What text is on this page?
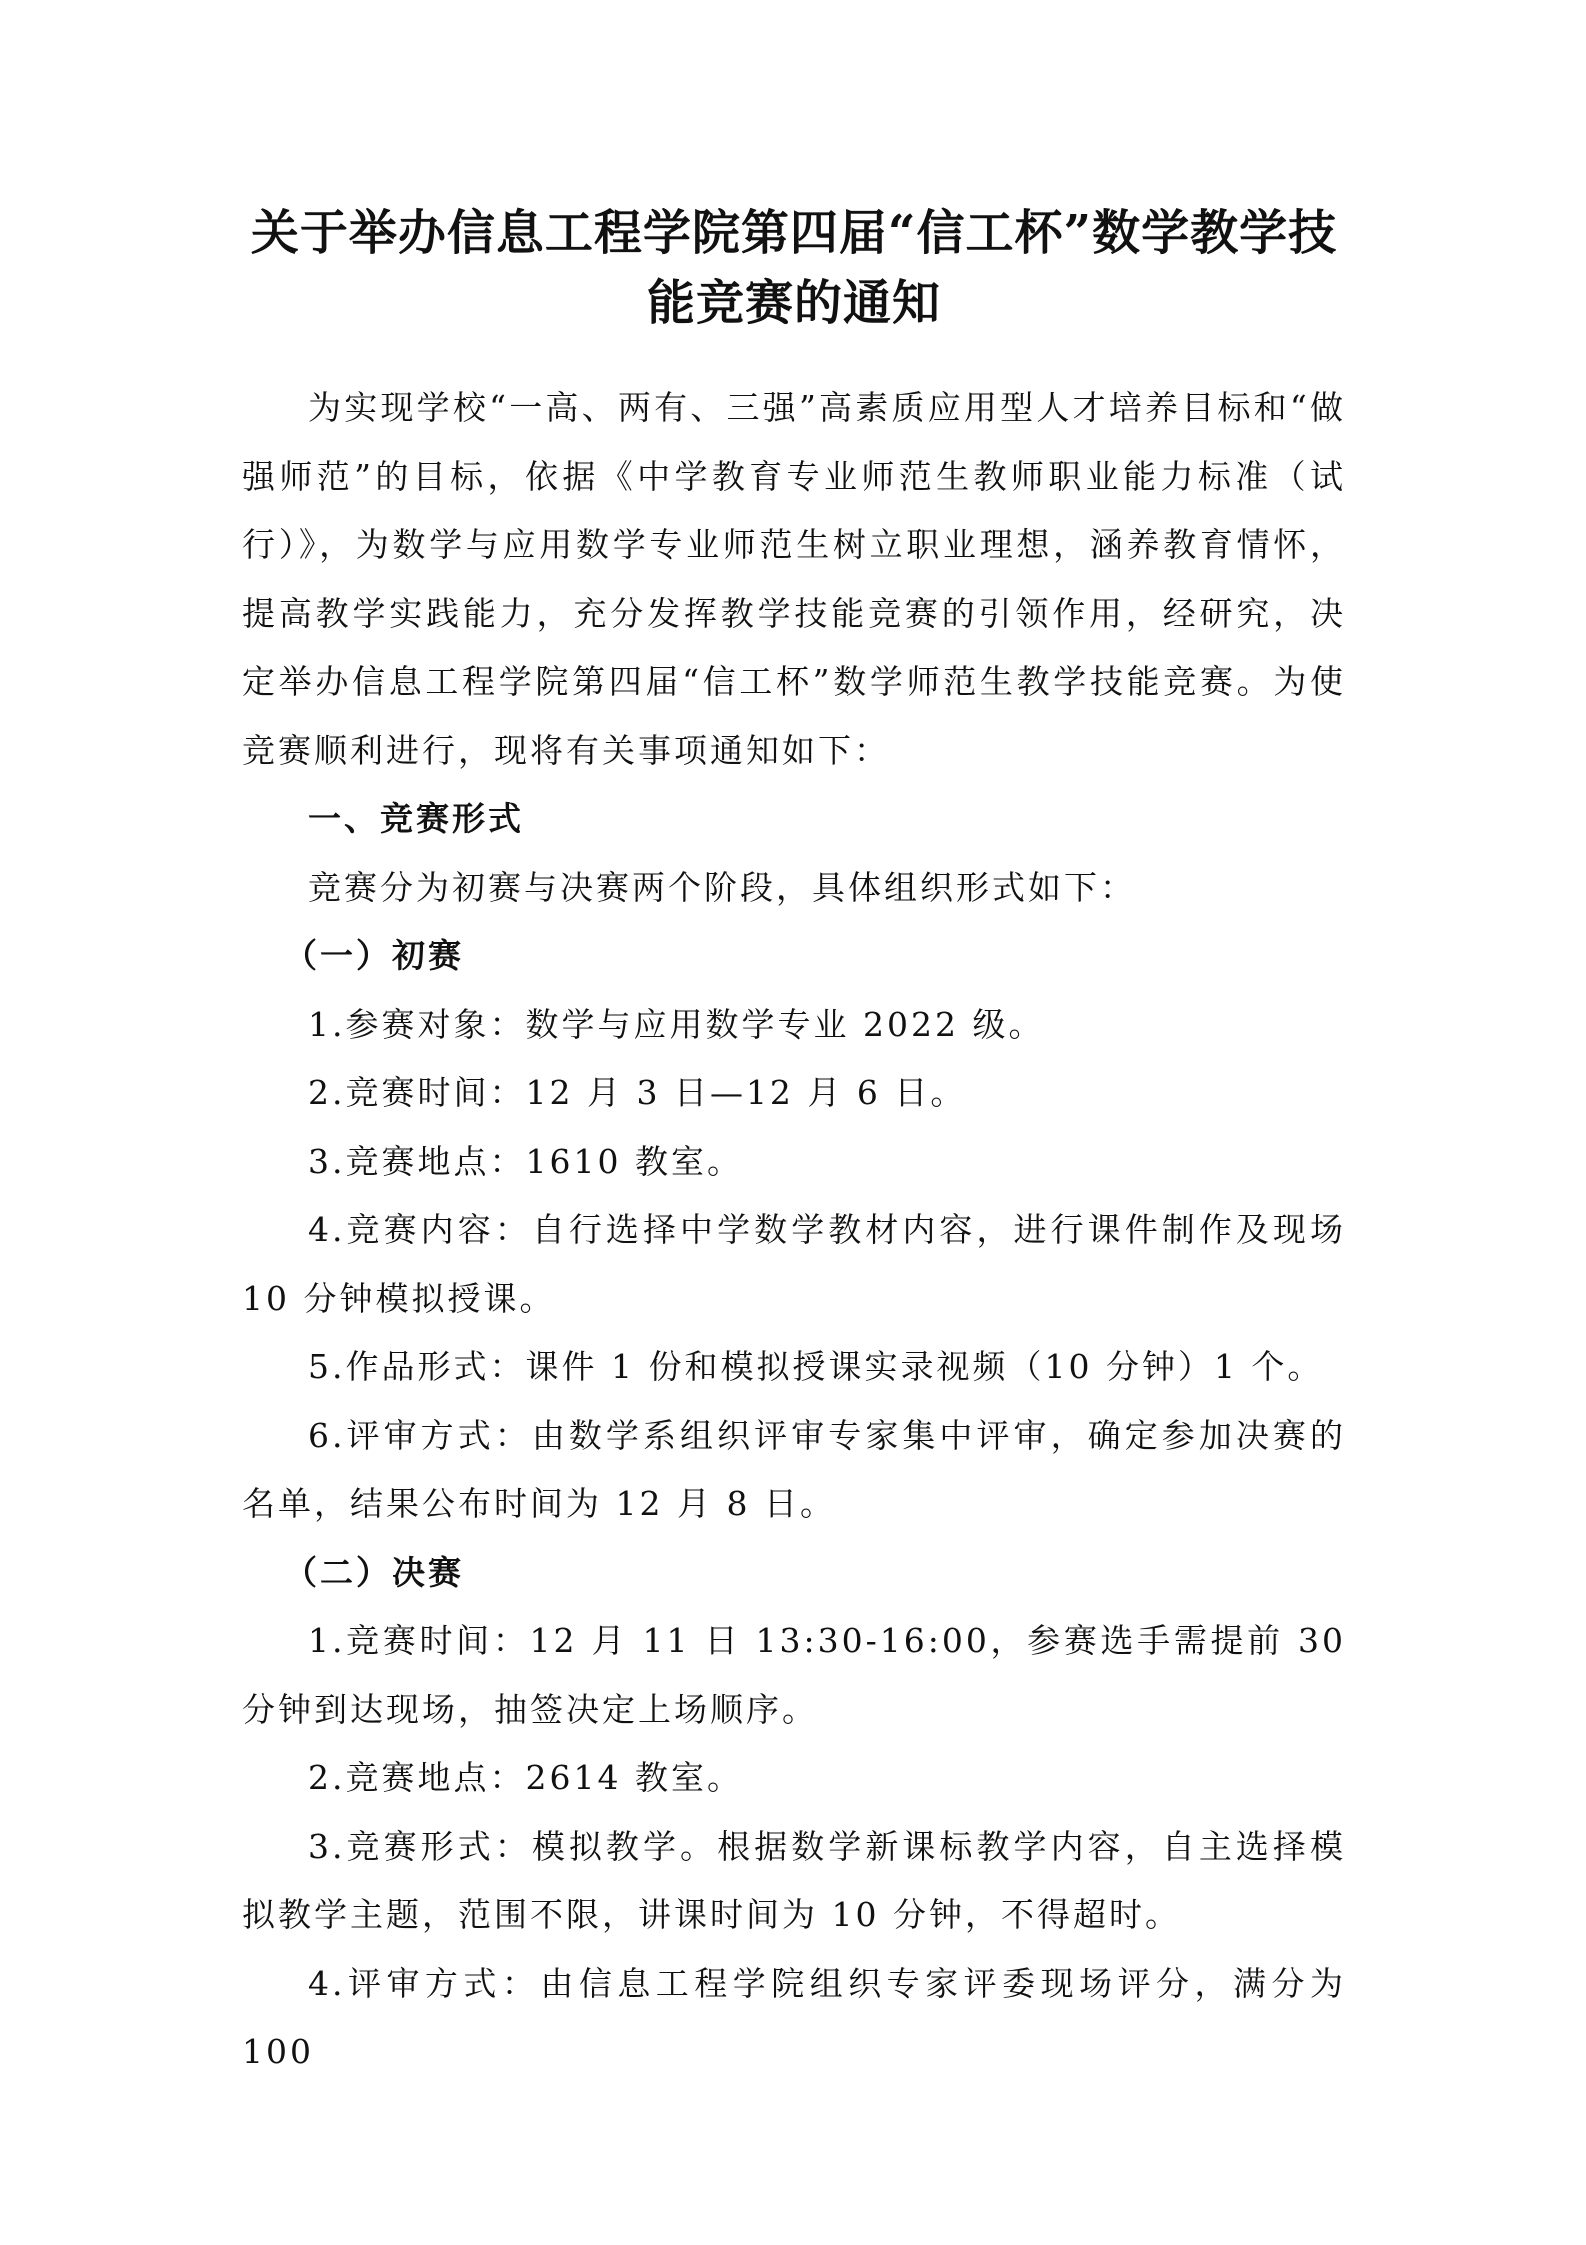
关于举办信息工程学院第四届“信工杯”数学教学技
能竞赛的通知

为实现学校“一高、两有、三强”高素质应用型人才培养目标和“做强师范”的目标，依据《中学教育专业师范生教师职业能力标准（试行）》，为数学与应用数学专业师范生树立职业理想，涵养教育情怀，提高教学实践能力，充分发挥教学技能竞赛的引领作用，经研究，决定举办信息工程学院第四届“信工杯”数学师范生教学技能竞赛。为使竞赛顺利进行，现将有关事项通知如下：

一、竞赛形式

竞赛分为初赛与决赛两个阶段，具体组织形式如下：

（一）初赛

1.参赛对象：数学与应用数学专业 2022 级。

2.竞赛时间：12 月 3 日—12 月 6 日。

3.竞赛地点：1610 教室。

4.竞赛内容：自行选择中学数学教材内容，进行课件制作及现场 10 分钟模拟授课。

5.作品形式：课件 1 份和模拟授课实录视频（10 分钟）1 个。

6.评审方式：由数学系组织评审专家集中评审，确定参加决赛的名单，结果公布时间为 12 月 8 日。

（二）决赛

1.竞赛时间：12 月 11 日 13:30-16:00，参赛选手需提前 30 分钟到达现场，抽签决定上场顺序。

2.竞赛地点：2614 教室。

3.竞赛形式：模拟教学。根据数学新课标教学内容，自主选择模拟教学主题，范围不限，讲课时间为 10 分钟，不得超时。

4.评审方式：由信息工程学院组织专家评委现场评分，满分为 100
